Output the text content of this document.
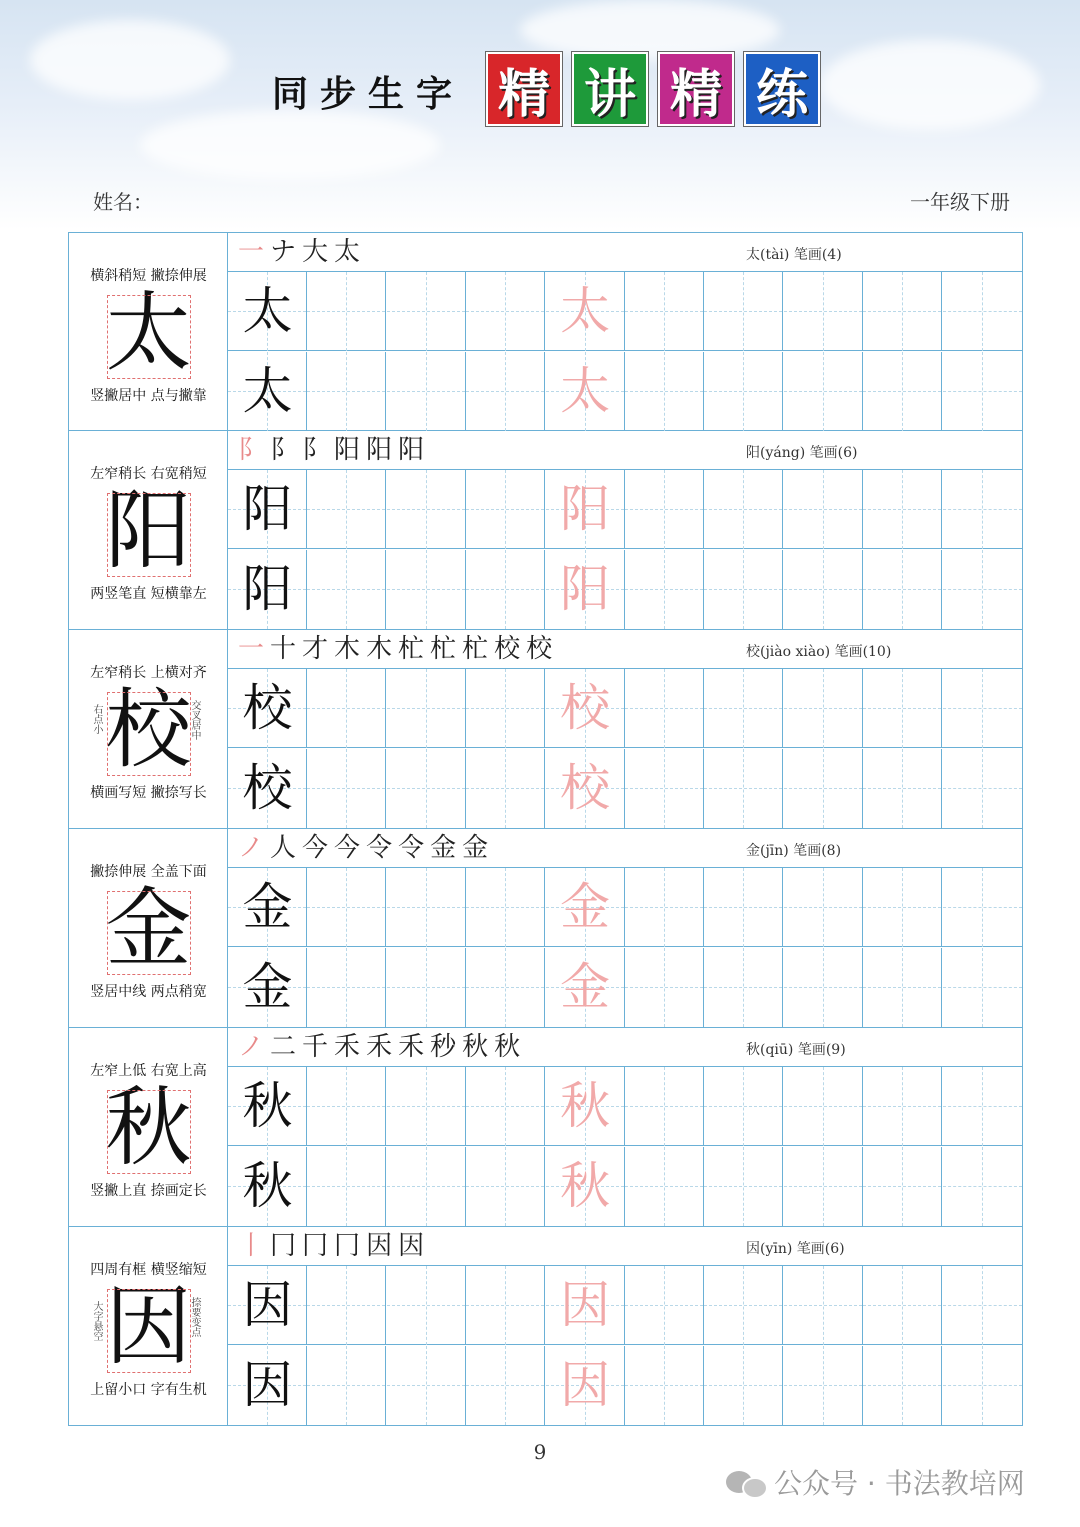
同步生字 精 讲 精 练
姓名：	一年级下册
横斜稍短 撇捺伸展
太
竖撇居中 点与撇靠
一 ナ 大 太	太(tài) 笔画(4)
太	太
太	太
左窄稍长 右宽稍短
阳
两竖笔直 短横靠左
阝 阝 阝 阳 阳 阳	阳(yáng) 笔画(6)
阳	阳
阳	阳
左窄稍长 上横对齐
校
右点小	交叉居中
横画写短 撇捺写长
一 十 才 木 木 杧 杧 杧 校 校	校(jiào xiào) 笔画(10)
校	校
校	校
撇捺伸展 全盖下面
金
竖居中线 两点稍宽
ノ 人 今 今 令 令 金 金	金(jīn) 笔画(8)
金	金
金	金
左窄上低 右宽上高
秋
竖撇上直 捺画定长
ノ 二 千 禾 禾 禾 秒 秋 秋	秋(qiū) 笔画(9)
秋	秋
秋	秋
四周有框 横竖缩短
因
大字悬空	捺要变点
上留小口 字有生机
丨 冂 冂 冂 因 因	因(yīn) 笔画(6)
因	因
因	因
9
公众号 · 书法教培网
